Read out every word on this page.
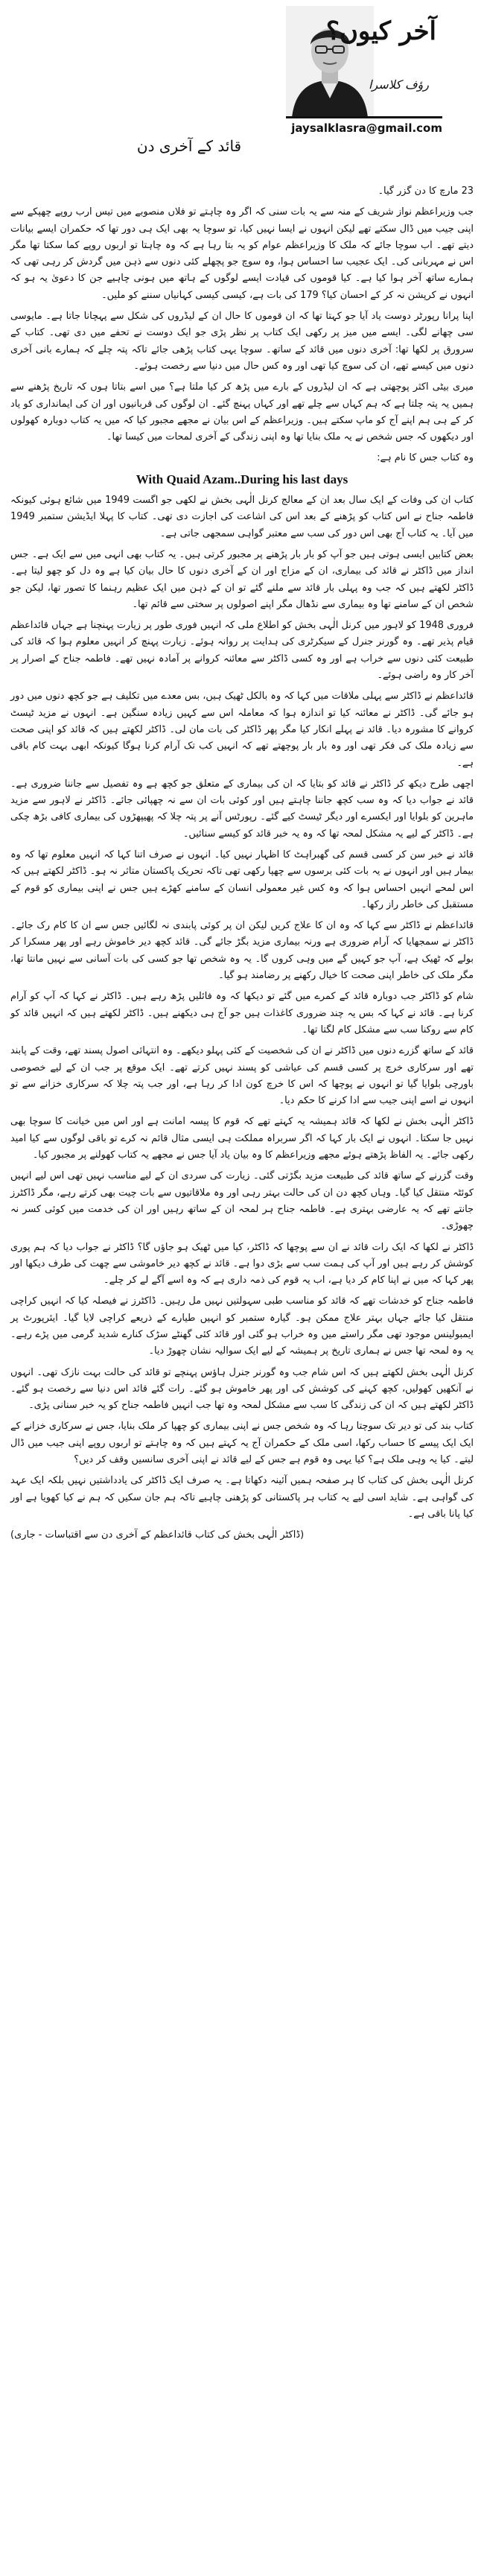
آخر کیوں؟
رؤف کلاسرا
jaysalklasra@gmail.com
قائد کے آخری دن

23 مارچ کا دن گزر گیا۔

جب وزیراعظم نواز شریف کے منہ سے یہ بات سنی کہ اگر وہ چاہتے تو فلاں منصوبے میں تیس ارب روپے چھپکے سے اپنی جیب میں ڈال سکتے تھے لیکن انہوں نے ایسا نہیں کیا، تو سوچا یہ بھی ایک ہی دور تھا کہ حکمران ایسے بیانات دیتے تھے۔ اب سوچا جائے کہ ملک کا وزیراعظم عوام کو یہ بتا رہا ہے کہ وہ چاہتا تو اربوں روپے کما سکتا تھا مگر اس نے مہربانی کی۔ ایک عجیب سا احساس ہوا، وہ سوچ جو پچھلے کئی دنوں سے ذہن میں گردش کر رہی تھی کہ ہمارے ساتھ آخر ہوا کیا ہے۔ کیا قوموں کی قیادت ایسے لوگوں کے ہاتھ میں ہونی چاہیے جن کا دعویٰ یہ ہو کہ انہوں نے کرپشن نہ کر کے احسان کیا؟ 179 کی بات ہے، کیسی کیسی کہانیاں سننے کو ملیں۔

اپنا پرانا رپورٹر دوست یاد آیا جو کہتا تھا کہ ان قوموں کا حال ان کے لیڈروں کی شکل سے پہچانا جاتا ہے۔ مایوسی سی چھانے لگی۔ ایسے میں میز پر رکھی ایک کتاب پر نظر پڑی جو ایک دوست نے تحفے میں دی تھی۔ کتاب کے سرورق پر لکھا تھا: آخری دنوں میں قائد کے ساتھ۔ سوچا یہی کتاب پڑھی جائے تاکہ پتہ چلے کہ ہمارے بانی آخری دنوں میں کیسے تھے، ان کی سوچ کیا تھی اور وہ کس حال میں دنیا سے رخصت ہوئے۔

میری بیٹی اکثر پوچھتی ہے کہ ان لیڈروں کے بارے میں پڑھ کر کیا ملتا ہے؟ میں اسے بتاتا ہوں کہ تاریخ پڑھنے سے ہمیں یہ پتہ چلتا ہے کہ ہم کہاں سے چلے تھے اور کہاں پہنچ گئے۔ ان لوگوں کی قربانیوں اور ان کی ایمانداری کو یاد کر کے ہی ہم اپنے آج کو ماپ سکتے ہیں۔ وزیراعظم کے اس بیان نے مجھے مجبور کیا کہ میں یہ کتاب دوبارہ کھولوں اور دیکھوں کہ جس شخص نے یہ ملک بنایا تھا وہ اپنی زندگی کے آخری لمحات میں کیسا تھا۔

وہ کتاب جس کا نام ہے:

With Quaid Azam..During his last days

کتاب ان کی وفات کے ایک سال بعد ان کے معالج کرنل الٰہی بخش نے لکھی جو اگست 1949 میں شائع ہوئی کیونکہ فاطمہ جناح نے اس کتاب کو پڑھنے کے بعد اس کی اشاعت کی اجازت دی تھی۔ کتاب کا پہلا ایڈیشن ستمبر 1949 میں آیا۔ یہ کتاب آج بھی اس دور کی سب سے معتبر گواہی سمجھی جاتی ہے۔

بعض کتابیں ایسی ہوتی ہیں جو آپ کو بار بار پڑھنے پر مجبور کرتی ہیں۔ یہ کتاب بھی انہی میں سے ایک ہے۔ جس انداز میں ڈاکٹر نے قائد کی بیماری، ان کے مزاج اور ان کے آخری دنوں کا حال بیان کیا ہے وہ دل کو چھو لیتا ہے۔ ڈاکٹر لکھتے ہیں کہ جب وہ پہلی بار قائد سے ملنے گئے تو ان کے ذہن میں ایک عظیم رہنما کا تصور تھا، لیکن جو شخص ان کے سامنے تھا وہ بیماری سے نڈھال مگر اپنے اصولوں پر سختی سے قائم تھا۔

فروری 1948 کو لاہور میں کرنل الٰہی بخش کو اطلاع ملی کہ انہیں فوری طور پر زیارت پہنچنا ہے جہاں قائداعظم قیام پذیر تھے۔ وہ گورنر جنرل کے سیکرٹری کی ہدایت پر روانہ ہوئے۔ زیارت پہنچ کر انہیں معلوم ہوا کہ قائد کی طبیعت کئی دنوں سے خراب ہے اور وہ کسی ڈاکٹر سے معائنہ کروانے پر آمادہ نہیں تھے۔ فاطمہ جناح کے اصرار پر آخر کار وہ راضی ہوئے۔

قائداعظم نے ڈاکٹر سے پہلی ملاقات میں کہا کہ وہ بالکل ٹھیک ہیں، بس معدے میں تکلیف ہے جو کچھ دنوں میں دور ہو جائے گی۔ ڈاکٹر نے معائنہ کیا تو اندازہ ہوا کہ معاملہ اس سے کہیں زیادہ سنگین ہے۔ انہوں نے مزید ٹیسٹ کروانے کا مشورہ دیا۔ قائد نے پہلے انکار کیا مگر پھر ڈاکٹر کی بات مان لی۔ ڈاکٹر لکھتے ہیں کہ قائد کو اپنی صحت سے زیادہ ملک کی فکر تھی اور وہ بار بار پوچھتے تھے کہ انہیں کب تک آرام کرنا ہوگا کیونکہ ابھی بہت کام باقی ہے۔

اچھی طرح دیکھ کر ڈاکٹر نے قائد کو بتایا کہ ان کی بیماری کے متعلق جو کچھ ہے وہ تفصیل سے جاننا ضروری ہے۔ قائد نے جواب دیا کہ وہ سب کچھ جاننا چاہتے ہیں اور کوئی بات ان سے نہ چھپائی جائے۔ ڈاکٹر نے لاہور سے مزید ماہرین کو بلوایا اور ایکسرے اور دیگر ٹیسٹ کیے گئے۔ رپورٹس آنے پر پتہ چلا کہ پھیپھڑوں کی بیماری کافی بڑھ چکی ہے۔ ڈاکٹر کے لیے یہ مشکل لمحہ تھا کہ وہ یہ خبر قائد کو کیسے سنائیں۔

قائد نے خبر سن کر کسی قسم کی گھبراہٹ کا اظہار نہیں کیا۔ انہوں نے صرف اتنا کہا کہ انہیں معلوم تھا کہ وہ بیمار ہیں اور انہوں نے یہ بات کئی برسوں سے چھپا رکھی تھی تاکہ تحریک پاکستان متاثر نہ ہو۔ ڈاکٹر لکھتے ہیں کہ اس لمحے انہیں احساس ہوا کہ وہ کس غیر معمولی انسان کے سامنے کھڑے ہیں جس نے اپنی بیماری کو قوم کے مستقبل کی خاطر راز رکھا۔

قائداعظم نے ڈاکٹر سے کہا کہ وہ ان کا علاج کریں لیکن ان پر کوئی پابندی نہ لگائیں جس سے ان کا کام رک جائے۔ ڈاکٹر نے سمجھایا کہ آرام ضروری ہے ورنہ بیماری مزید بگڑ جائے گی۔ قائد کچھ دیر خاموش رہے اور پھر مسکرا کر بولے کہ ٹھیک ہے، آپ جو کہیں گے میں وہی کروں گا۔ یہ وہ شخص تھا جو کسی کی بات آسانی سے نہیں مانتا تھا، مگر ملک کی خاطر اپنی صحت کا خیال رکھنے پر رضامند ہو گیا۔

شام کو ڈاکٹر جب دوبارہ قائد کے کمرے میں گئے تو دیکھا کہ وہ فائلیں پڑھ رہے ہیں۔ ڈاکٹر نے کہا کہ آپ کو آرام کرنا ہے۔ قائد نے کہا کہ بس یہ چند ضروری کاغذات ہیں جو آج ہی دیکھنے ہیں۔ ڈاکٹر لکھتے ہیں کہ انہیں قائد کو کام سے روکنا سب سے مشکل کام لگتا تھا۔

قائد کے ساتھ گزرے دنوں میں ڈاکٹر نے ان کی شخصیت کے کئی پہلو دیکھے۔ وہ انتہائی اصول پسند تھے، وقت کے پابند تھے اور سرکاری خرچ پر کسی قسم کی عیاشی کو پسند نہیں کرتے تھے۔ ایک موقع پر جب ان کے لیے خصوصی باورچی بلوایا گیا تو انہوں نے پوچھا کہ اس کا خرچ کون ادا کر رہا ہے، اور جب پتہ چلا کہ سرکاری خزانے سے تو انہوں نے اسے اپنی جیب سے ادا کرنے کا حکم دیا۔

ڈاکٹر الٰہی بخش نے لکھا کہ قائد ہمیشہ یہ کہتے تھے کہ قوم کا پیسہ امانت ہے اور اس میں خیانت کا سوچا بھی نہیں جا سکتا۔ انہوں نے ایک بار کہا کہ اگر سربراہ مملکت ہی ایسی مثال قائم نہ کرے تو باقی لوگوں سے کیا امید رکھی جائے۔ یہ الفاظ پڑھتے ہوئے مجھے وزیراعظم کا وہ بیان یاد آیا جس نے مجھے یہ کتاب کھولنے پر مجبور کیا۔

وقت گزرنے کے ساتھ قائد کی طبیعت مزید بگڑتی گئی۔ زیارت کی سردی ان کے لیے مناسب نہیں تھی اس لیے انہیں کوئٹہ منتقل کیا گیا۔ وہاں کچھ دن ان کی حالت بہتر رہی اور وہ ملاقاتیوں سے بات چیت بھی کرتے رہے، مگر ڈاکٹرز جانتے تھے کہ یہ عارضی بہتری ہے۔ فاطمہ جناح ہر لمحہ ان کے ساتھ رہیں اور ان کی خدمت میں کوئی کسر نہ چھوڑی۔

ڈاکٹر نے لکھا کہ ایک رات قائد نے ان سے پوچھا کہ ڈاکٹر، کیا میں ٹھیک ہو جاؤں گا؟ ڈاکٹر نے جواب دیا کہ ہم پوری کوشش کر رہے ہیں اور آپ کی ہمت سب سے بڑی دوا ہے۔ قائد نے کچھ دیر خاموشی سے چھت کی طرف دیکھا اور پھر کہا کہ میں نے اپنا کام کر دیا ہے، اب یہ قوم کی ذمہ داری ہے کہ وہ اسے آگے لے کر چلے۔

فاطمہ جناح کو خدشات تھے کہ قائد کو مناسب طبی سہولتیں نہیں مل رہیں۔ ڈاکٹرز نے فیصلہ کیا کہ انہیں کراچی منتقل کیا جائے جہاں بہتر علاج ممکن ہو۔ گیارہ ستمبر کو انہیں طیارے کے ذریعے کراچی لایا گیا۔ ایئرپورٹ پر ایمبولینس موجود تھی مگر راستے میں وہ خراب ہو گئی اور قائد کئی گھنٹے سڑک کنارے شدید گرمی میں پڑے رہے۔ یہ وہ لمحہ تھا جس نے ہماری تاریخ پر ہمیشہ کے لیے ایک سوالیہ نشان چھوڑ دیا۔

کرنل الٰہی بخش لکھتے ہیں کہ اس شام جب وہ گورنر جنرل ہاؤس پہنچے تو قائد کی حالت بہت نازک تھی۔ انہوں نے آنکھیں کھولیں، کچھ کہنے کی کوشش کی اور پھر خاموش ہو گئے۔ رات گئے قائد اس دنیا سے رخصت ہو گئے۔ ڈاکٹر لکھتے ہیں کہ ان کی زندگی کا سب سے مشکل لمحہ وہ تھا جب انہیں فاطمہ جناح کو یہ خبر سنانی پڑی۔

کتاب بند کی تو دیر تک سوچتا رہا کہ وہ شخص جس نے اپنی بیماری کو چھپا کر ملک بنایا، جس نے سرکاری خزانے کے ایک ایک پیسے کا حساب رکھا، اسی ملک کے حکمران آج یہ کہتے ہیں کہ وہ چاہتے تو اربوں روپے اپنی جیب میں ڈال لیتے۔ کیا یہ وہی ملک ہے؟ کیا یہی وہ قوم ہے جس کے لیے قائد نے اپنی آخری سانسیں وقف کر دیں؟

کرنل الٰہی بخش کی کتاب کا ہر صفحہ ہمیں آئینہ دکھاتا ہے۔ یہ صرف ایک ڈاکٹر کی یادداشتیں نہیں بلکہ ایک عہد کی گواہی ہے۔ شاید اسی لیے یہ کتاب ہر پاکستانی کو پڑھنی چاہیے تاکہ ہم جان سکیں کہ ہم نے کیا کھویا ہے اور کیا پانا باقی ہے۔

(ڈاکٹر الٰہی بخش کی کتاب قائداعظم کے آخری دن سے اقتباسات - جاری)
